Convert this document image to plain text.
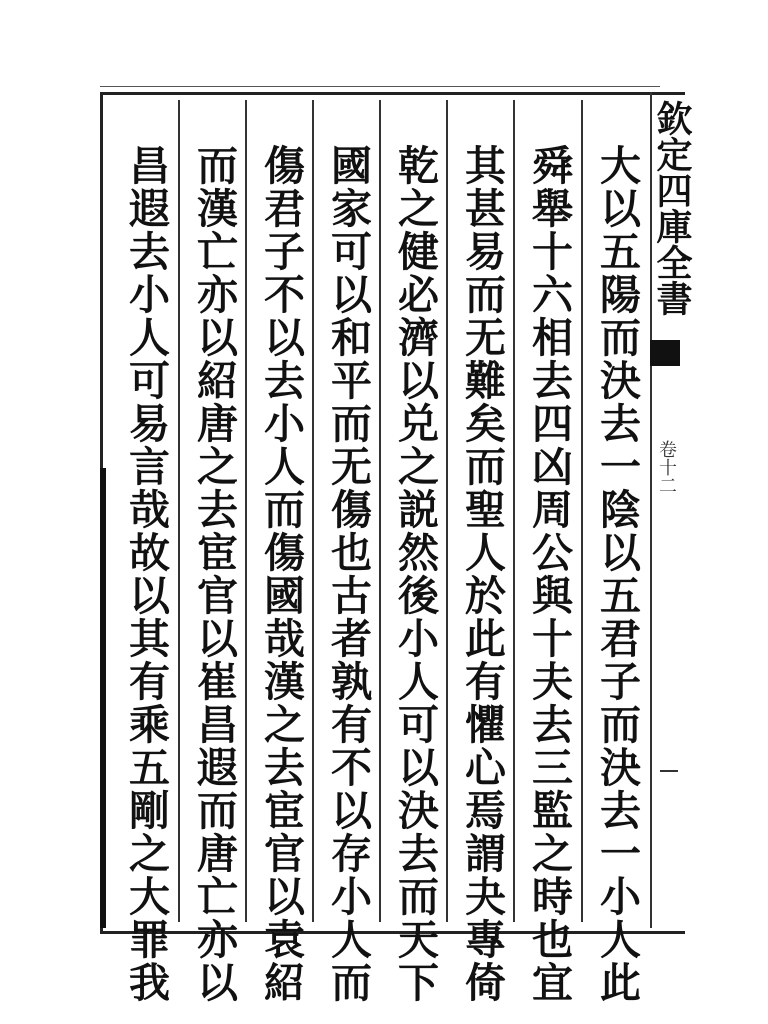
欽定四庫全書
卷十二
大以五陽而決去一陰以五君子而決去一小人此
舜舉十六相去四凶周公與十夫去三監之時也宜
其甚易而无難矣而聖人於此有懼心焉謂夬專倚
乾之健必濟以兑之説然後小人可以決去而天下
國家可以和平而无傷也古者孰有不以存小人而
傷君子不以去小人而傷國哉漢之去宦官以袁紹
而漢亡亦以紹唐之去宦官以崔昌遐而唐亡亦以
昌遐去小人可易言哉故以其有乘五剛之大罪我
